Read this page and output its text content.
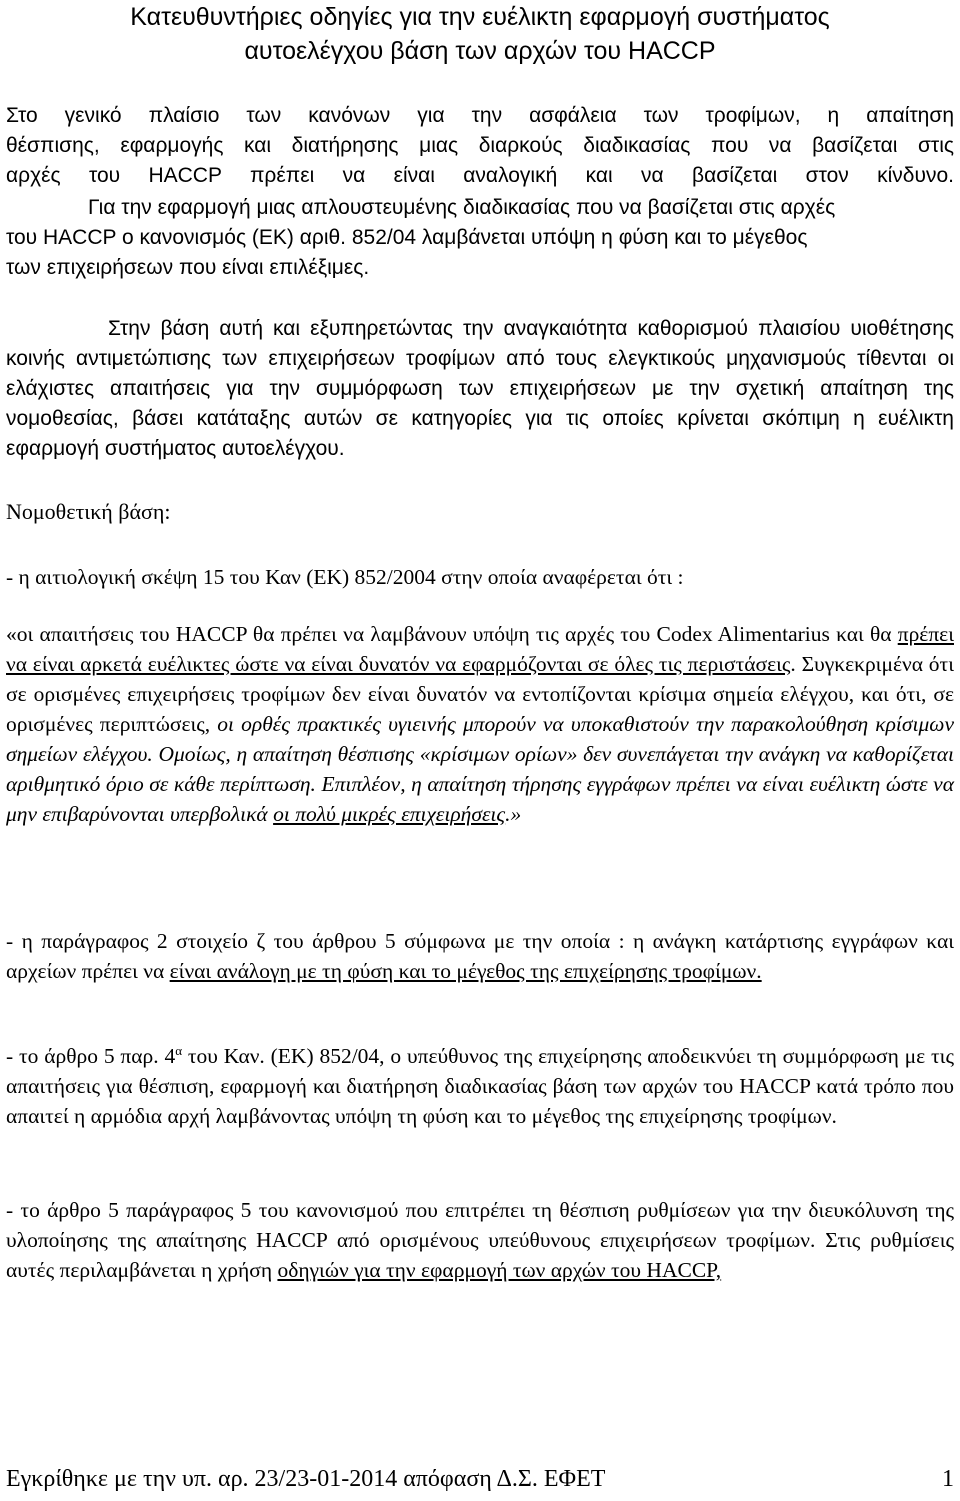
Κατευθυντήριες οδηγίες για την ευέλικτη εφαρμογή συστήματος
αυτοελέγχου βάση των αρχών του HACCP

Στο γενικό πλαίσιο των κανόνων για την ασφάλεια των τροφίμων, η απαίτηση
θέσπισης, εφαρμογής και διατήρησης μιας διαρκούς διαδικασίας που να βασίζεται στις
αρχές του HACCP πρέπει να είναι αναλογική και να βασίζεται στον κίνδυνο.

Για την εφαρμογή μιας απλουστευμένης διαδικασίας που να βασίζεται στις αρχές
του HACCP ο κανονισμός (ΕΚ) αριθ. 852/04 λαμβάνεται υπόψη η φύση και το μέγεθος
των επιχειρήσεων που είναι επιλέξιμες.

Στην βάση αυτή και εξυπηρετώντας την αναγκαιότητα καθορισμού πλαισίου υιοθέτησης κοινής αντιμετώπισης των επιχειρήσεων τροφίμων από τους ελεγκτικούς μηχανισμούς τίθενται οι ελάχιστες απαιτήσεις για την συμμόρφωση των επιχειρήσεων με την σχετική απαίτηση της νομοθεσίας, βάσει κατάταξης αυτών σε κατηγορίες για τις οποίες κρίνεται σκόπιμη η ευέλικτη εφαρμογή συστήματος αυτοελέγχου.

Νομοθετική βάση:

- η αιτιολογική σκέψη 15 του Καν (ΕΚ) 852/2004 στην οποία αναφέρεται ότι :

«οι απαιτήσεις του HACCP θα πρέπει να λαμβάνουν υπόψη τις αρχές του Codex Alimentarius και θα πρέπει να είναι αρκετά ευέλικτες ώστε να είναι δυνατόν να εφαρμόζονται σε όλες τις περιστάσεις. Συγκεκριμένα ότι σε ορισμένες επιχειρήσεις τροφίμων δεν είναι δυνατόν να εντοπίζονται κρίσιμα σημεία ελέγχου, και ότι, σε ορισμένες περιπτώσεις, οι ορθές πρακτικές υγιεινής μπορούν να υποκαθιστούν την παρακολούθηση κρίσιμων σημείων ελέγχου. Ομοίως, η απαίτηση θέσπισης «κρίσιμων ορίων» δεν συνεπάγεται την ανάγκη να καθορίζεται αριθμητικό όριο σε κάθε περίπτωση. Επιπλέον, η απαίτηση τήρησης εγγράφων πρέπει να είναι ευέλικτη ώστε να μην επιβαρύνονται υπερβολικά οι πολύ μικρές επιχειρήσεις.»

- η παράγραφος 2 στοιχείο ζ του άρθρου 5 σύμφωνα με την οποία : η ανάγκη κατάρτισης εγγράφων και αρχείων πρέπει να είναι ανάλογη με τη φύση και το μέγεθος της επιχείρησης τροφίμων.

- το άρθρο 5 παρ. $4^\alpha$ του Καν. (ΕΚ) 852/04, ο υπεύθυνος της επιχείρησης αποδεικνύει τη συμμόρφωση με τις απαιτήσεις για θέσπιση, εφαρμογή και διατήρηση διαδικασίας βάση των αρχών του HACCP κατά τρόπο που απαιτεί η αρμόδια αρχή λαμβάνοντας υπόψη τη φύση και το μέγεθος της επιχείρησης τροφίμων.

- το άρθρο 5 παράγραφος 5 του κανονισμού που επιτρέπει τη θέσπιση ρυθμίσεων για την διευκόλυνση της υλοποίησης της απαίτησης HACCP από ορισμένους υπεύθυνους επιχειρήσεων τροφίμων. Στις ρυθμίσεις αυτές περιλαμβάνεται η χρήση οδηγιών για την εφαρμογή των αρχών του HACCP,

Εγκρίθηκε με την υπ. αρ. 23/23-01-2014 απόφαση Δ.Σ. ΕΦΕΤ	1
